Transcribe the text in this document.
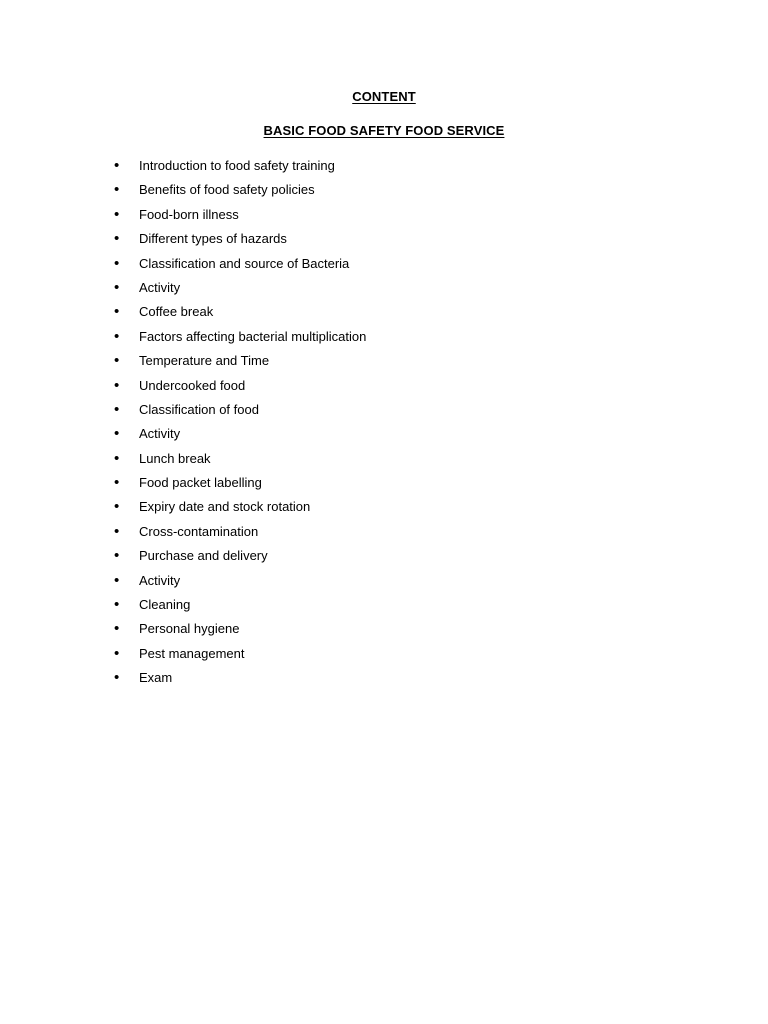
CONTENT
BASIC FOOD SAFETY FOOD SERVICE
• Introduction to food safety training
• Benefits of food safety policies
• Food-born illness
• Different types of hazards
• Classification and source of Bacteria
• Activity
• Coffee break
• Factors affecting bacterial multiplication
• Temperature and Time
• Undercooked food
• Classification of food
• Activity
• Lunch break
• Food packet labelling
• Expiry date and stock rotation
• Cross-contamination
• Purchase and delivery
• Activity
• Cleaning
• Personal hygiene
• Pest management
• Exam
